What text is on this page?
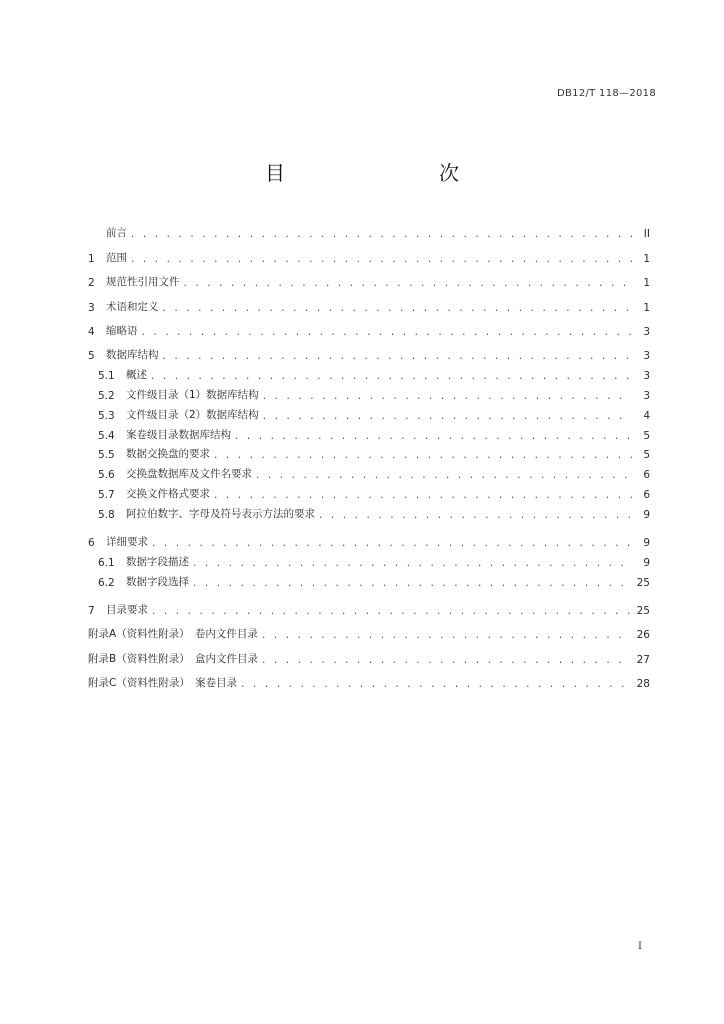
DB12/T 118—2018
目　　次
前言 . . .	II
1	范围 . . .	1
2	规范性引用文件 . . .	1
3	术语和定义 . . .	1
4	缩略语 . . .	3
5	数据库结构 . . .	3
5.1	概述 . . .	3
5.2	文件级目录（1）数据库结构 . . .	3
5.3	文件级目录（2）数据库结构 . . .	4
5.4	案卷级目录数据库结构 . . .	5
5.5	数据交换盘的要求 . . .	5
5.6	交换盘数据库及文件名要求 . . .	6
5.7	交换文件格式要求 . . .	6
5.8	阿拉伯数字、字母及符号表示方法的要求 . . .	9
6	详细要求 . . .	9
6.1	数据字段描述 . . .	9
6.2	数据字段选择 . . .	25
7	目录要求 . . .	25
附录A （资料性附录）　卷内文件目录 . . .	26
附录B （资料性附录）　盒内文件目录 . . .	27
附录C （资料性附录）　案卷目录 . . .	28
I
